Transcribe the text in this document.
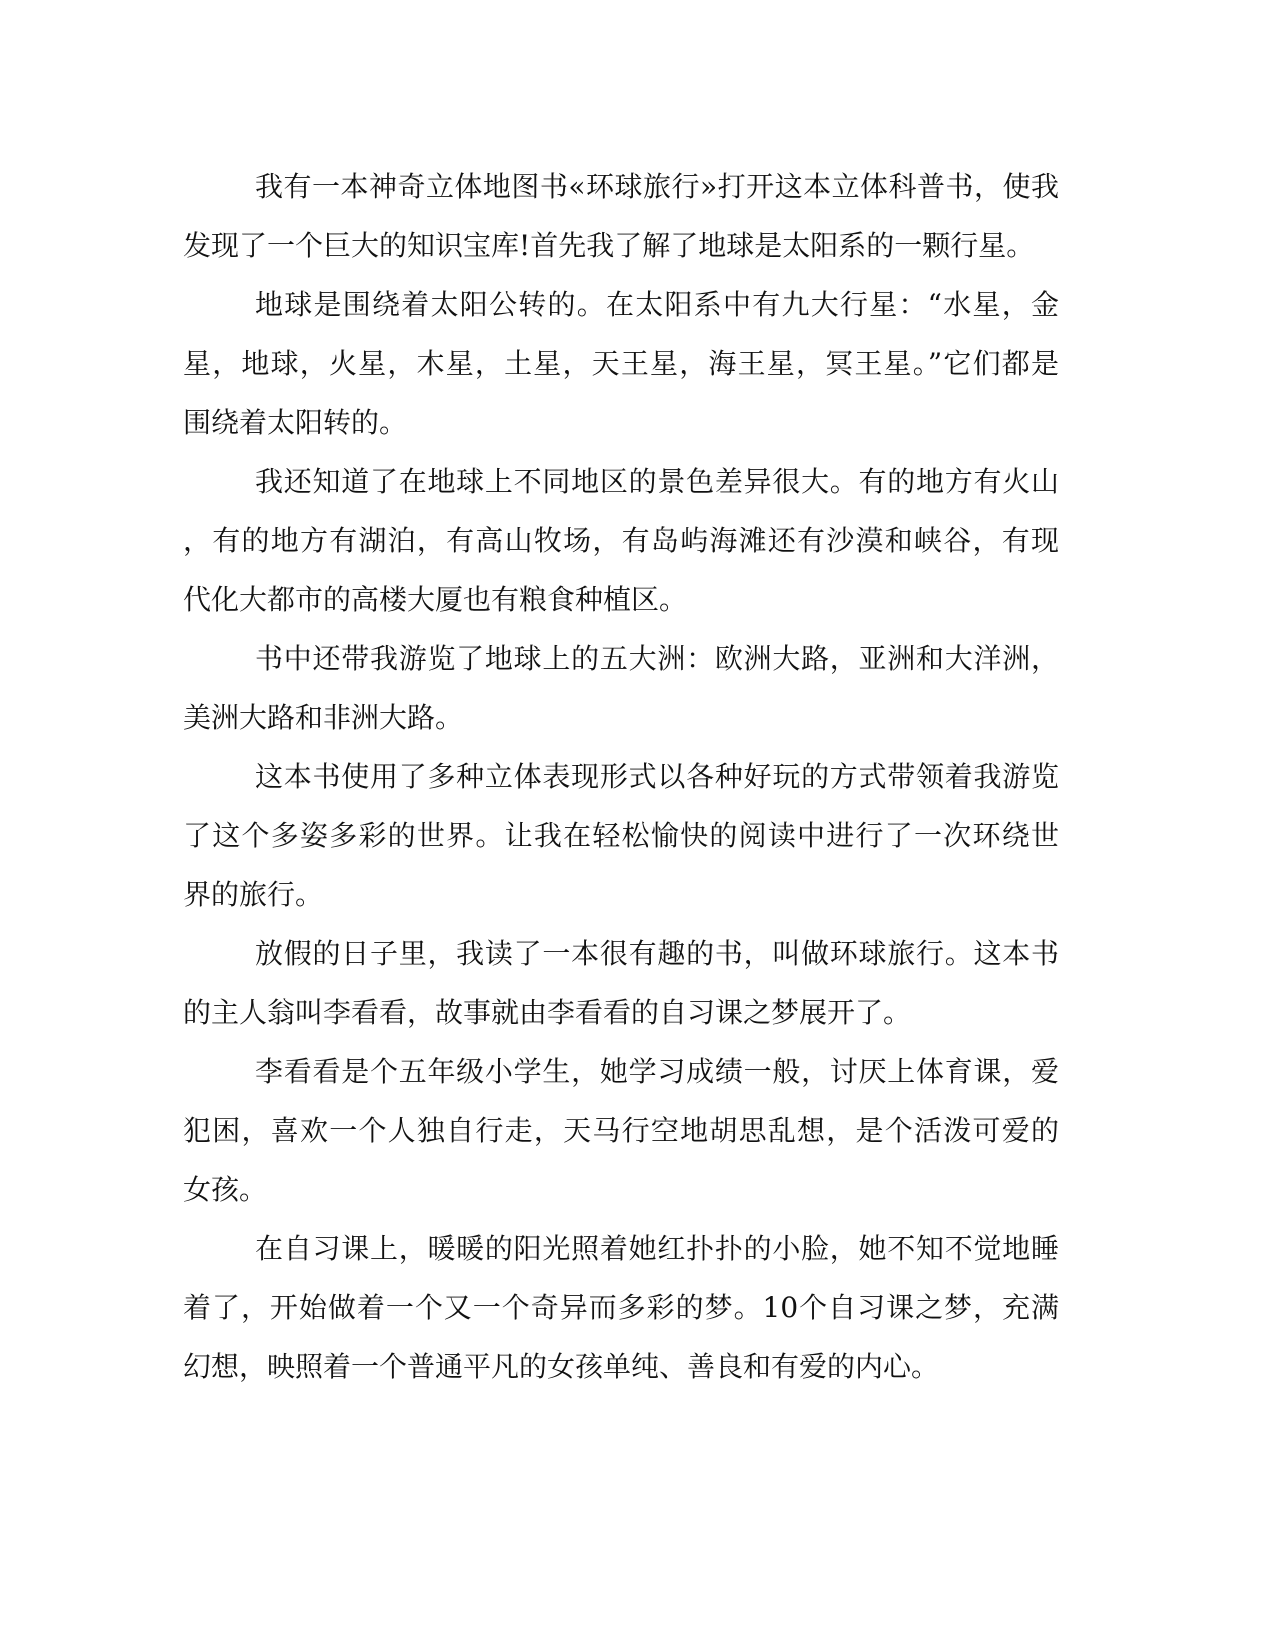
我有一本神奇立体地图书«环球旅行»打开这本立体科普书，使我
发现了一个巨大的知识宝库!首先我了解了地球是太阳系的一颗行星。
地球是围绕着太阳公转的。在太阳系中有九大行星：“水星，金
星，地球，火星，木星，土星，天王星，海王星，冥王星。”它们都是
围绕着太阳转的。
我还知道了在地球上不同地区的景色差异很大。有的地方有火山
，有的地方有湖泊，有高山牧场，有岛屿海滩还有沙漠和峡谷，有现
代化大都市的高楼大厦也有粮食种植区。
书中还带我游览了地球上的五大洲：欧洲大路，亚洲和大洋洲，
美洲大路和非洲大路。
这本书使用了多种立体表现形式以各种好玩的方式带领着我游览
了这个多姿多彩的世界。让我在轻松愉快的阅读中进行了一次环绕世
界的旅行。
放假的日子里，我读了一本很有趣的书，叫做环球旅行。这本书
的主人翁叫李看看，故事就由李看看的自习课之梦展开了。
李看看是个五年级小学生，她学习成绩一般，讨厌上体育课，爱
犯困，喜欢一个人独自行走，天马行空地胡思乱想，是个活泼可爱的
女孩。
在自习课上，暖暖的阳光照着她红扑扑的小脸，她不知不觉地睡
着了，开始做着一个又一个奇异而多彩的梦。10个自习课之梦，充满
幻想，映照着一个普通平凡的女孩单纯、善良和有爱的内心。
